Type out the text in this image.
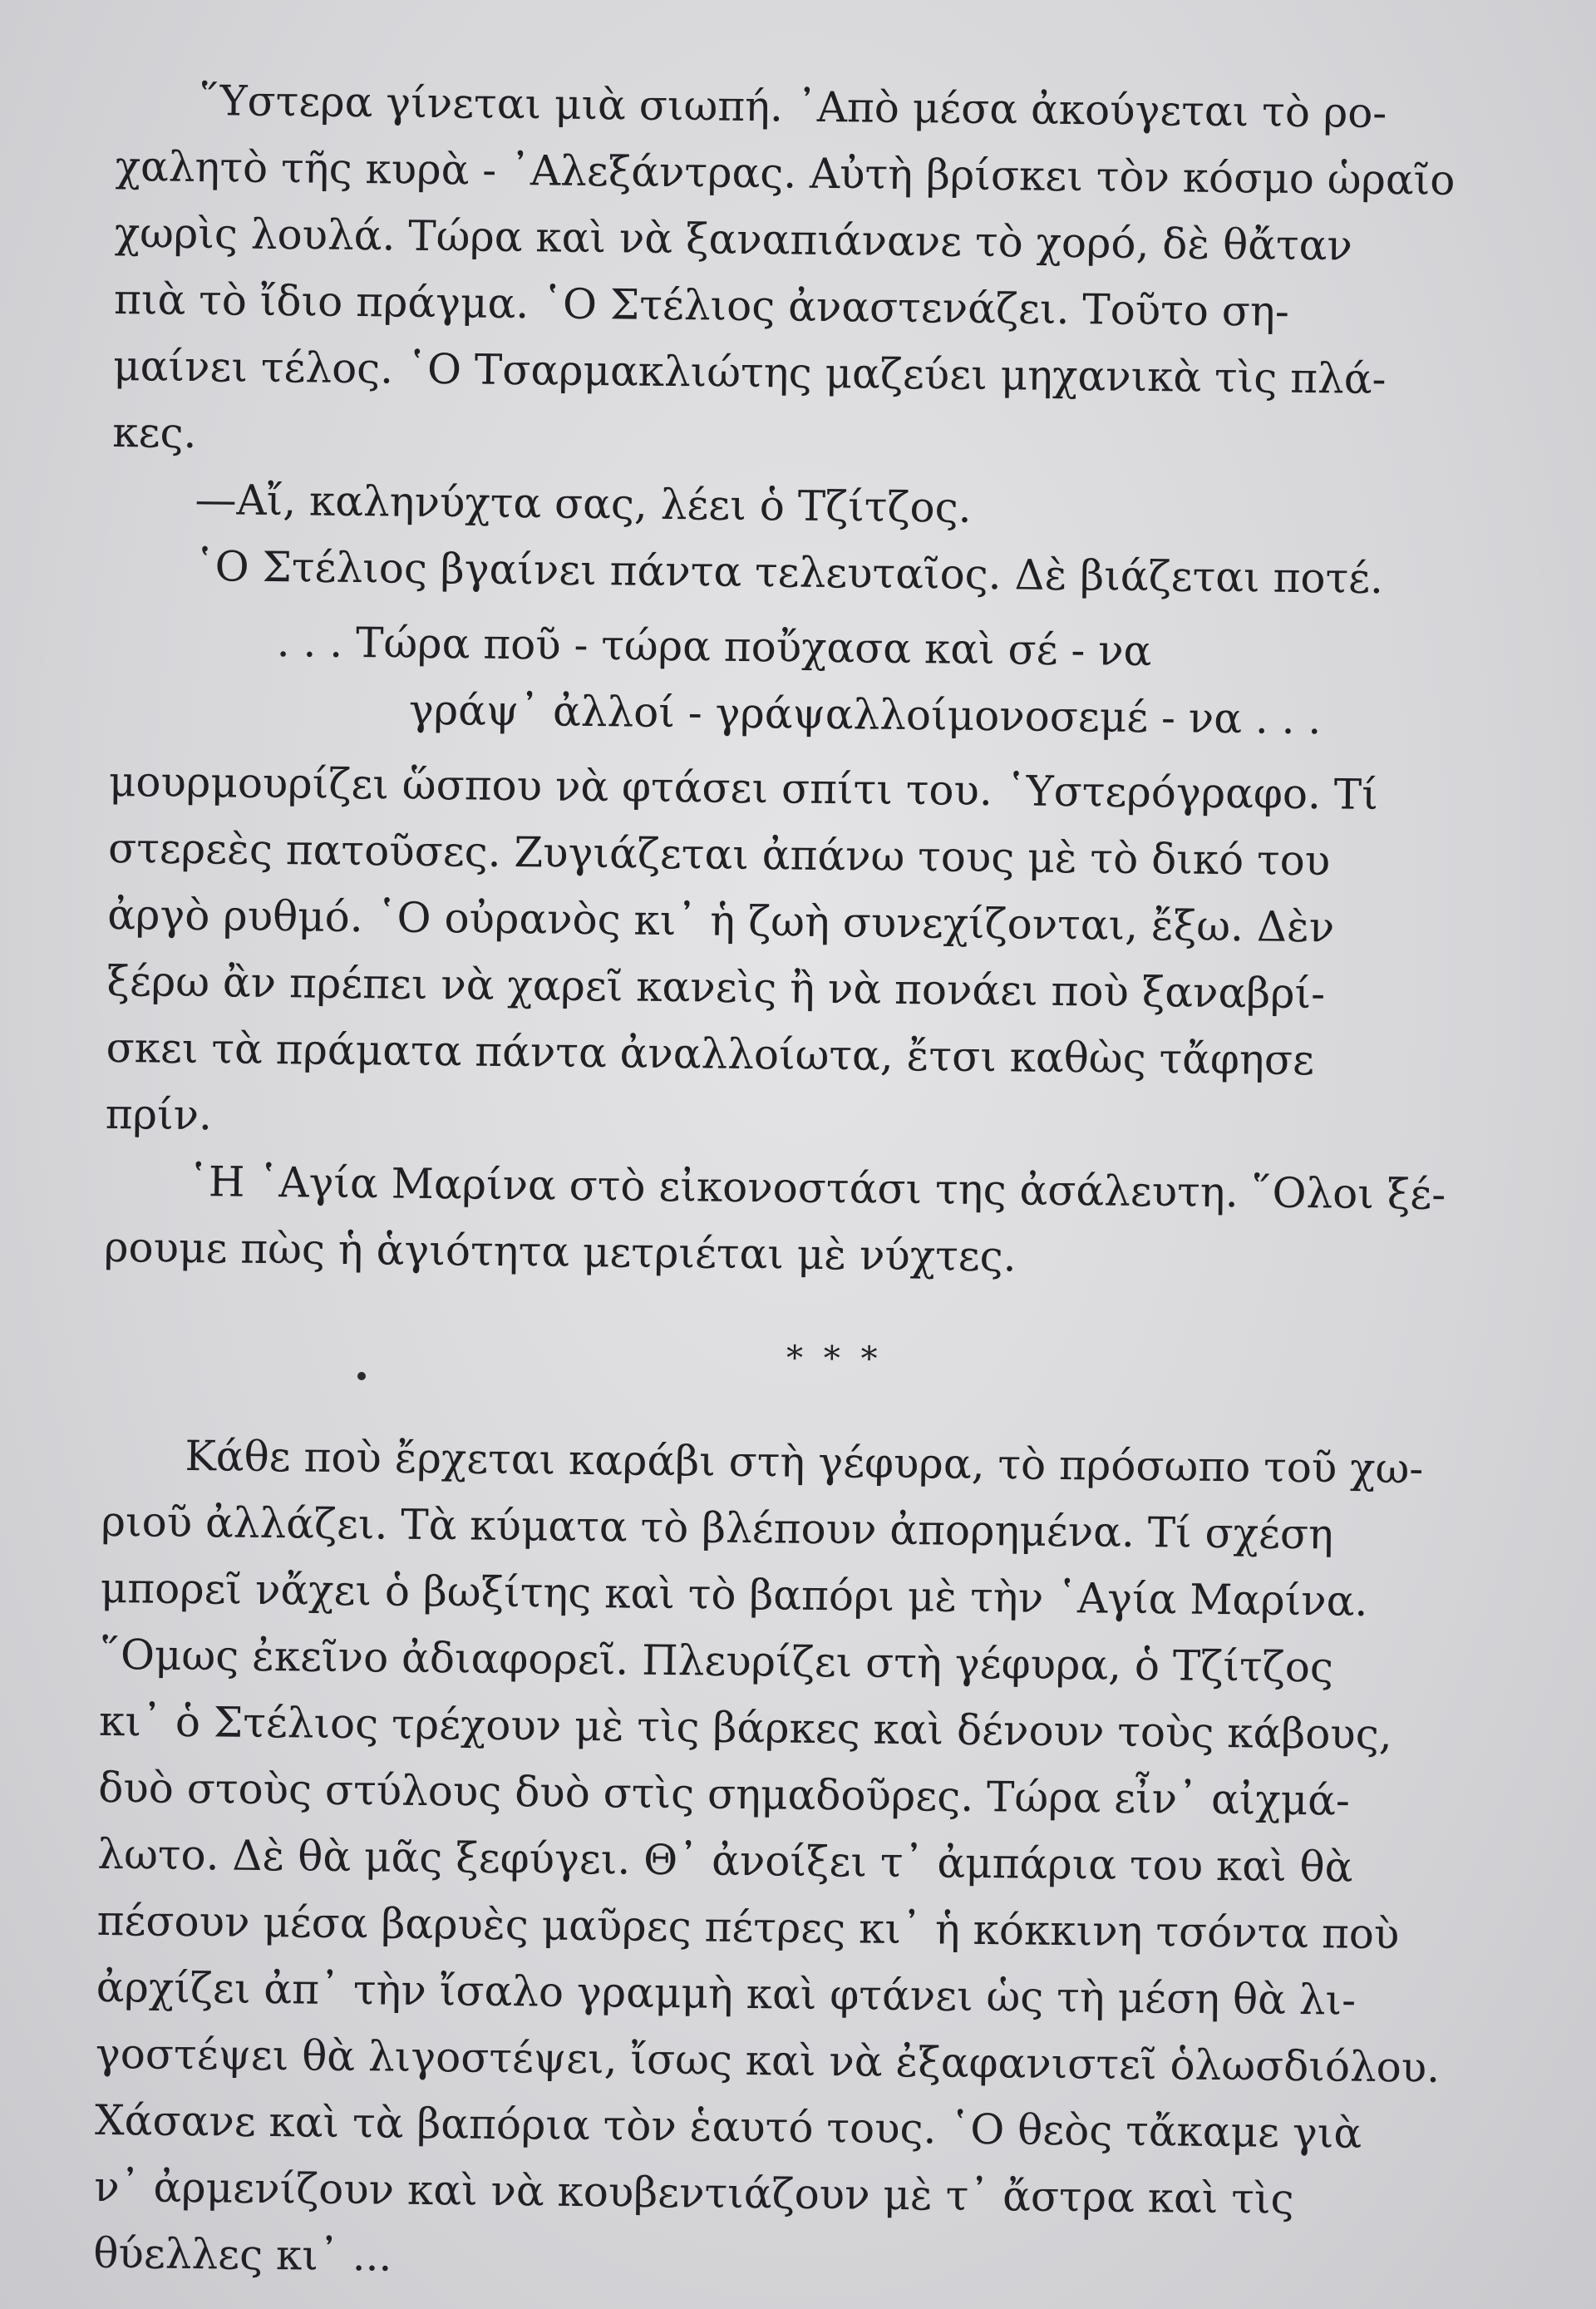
῞Υστερα γίνεται μιὰ σιωπή. ᾿Απὸ μέσα ἀκούγεται τὸ ρο-
χαλητὸ τῆς κυρὰ - ᾿Αλεξάντρας. Αὐτὴ βρίσκει τὸν κόσμο ὡραῖο
χωρὶς λουλά. Τώρα καὶ νὰ ξαναπιάνανε τὸ χορό, δὲ θἄταν
πιὰ τὸ ἴδιο πράγμα. ῾Ο Στέλιος ἀναστενάζει. Τοῦτο ση-
μαίνει τέλος. ῾Ο Τσαρμακλιώτης μαζεύει μηχανικὰ τὶς πλά-
κες.
—Αἴ, καληνύχτα σας, λέει ὁ Τζίτζος.
῾Ο Στέλιος βγαίνει πάντα τελευταῖος. Δὲ βιάζεται ποτέ.
. . . Τώρα ποῦ - τώρα ποὔχασα καὶ σέ - να
γράψ᾿ ἀλλοί - γράψαλλοίμονοσεμέ - να . . .
μουρμουρίζει ὥσπου νὰ φτάσει σπίτι του. ῾Υστερόγραφο. Τί
στερεὲς πατοῦσες. Ζυγιάζεται ἀπάνω τους μὲ τὸ δικό του
ἀργὸ ρυθμό. ῾Ο οὐρανὸς κι᾿ ἡ ζωὴ συνεχίζονται, ἔξω. Δὲν
ξέρω ἂν πρέπει νὰ χαρεῖ κανεὶς ἢ νὰ πονάει ποὺ ξαναβρί-
σκει τὰ πράματα πάντα ἀναλλοίωτα, ἔτσι καθὼς τἄφησε
πρίν.
῾Η ῾Αγία Μαρίνα στὸ εἰκονοστάσι της ἀσάλευτη. ῞Ολοι ξέ-
ρουμε πὼς ἡ ἁγιότητα μετριέται μὲ νύχτες.
* * *
Κάθε ποὺ ἔρχεται καράβι στὴ γέφυρα, τὸ πρόσωπο τοῦ χω-
ριοῦ ἀλλάζει. Τὰ κύματα τὸ βλέπουν ἀπορημένα. Τί σχέση
μπορεῖ νἄχει ὁ βωξίτης καὶ τὸ βαπόρι μὲ τὴν ῾Αγία Μαρίνα.
῞Ομως ἐκεῖνο ἀδιαφορεῖ. Πλευρίζει στὴ γέφυρα, ὁ Τζίτζος
κι᾿ ὁ Στέλιος τρέχουν μὲ τὶς βάρκες καὶ δένουν τοὺς κάβους,
δυὸ στοὺς στύλους δυὸ στὶς σημαδοῦρες. Τώρα εἶν᾿ αἰχμά-
λωτο. Δὲ θὰ μᾶς ξεφύγει. Θ᾿ ἀνοίξει τ᾿ ἀμπάρια του καὶ θὰ
πέσουν μέσα βαρυὲς μαῦρες πέτρες κι᾿ ἡ κόκκινη τσόντα ποὺ
ἀρχίζει ἀπ᾿ τὴν ἴσαλο γραμμὴ καὶ φτάνει ὡς τὴ μέση θὰ λι-
γοστέψει θὰ λιγοστέψει, ἴσως καὶ νὰ ἐξαφανιστεῖ ὁλωσδιόλου.
Χάσανε καὶ τὰ βαπόρια τὸν ἑαυτό τους. ῾Ο θεὸς τἄκαμε γιὰ
ν᾿ ἀρμενίζουν καὶ νὰ κουβεντιάζουν μὲ τ᾿ ἄστρα καὶ τὶς
θύελλες κι᾿ ...
